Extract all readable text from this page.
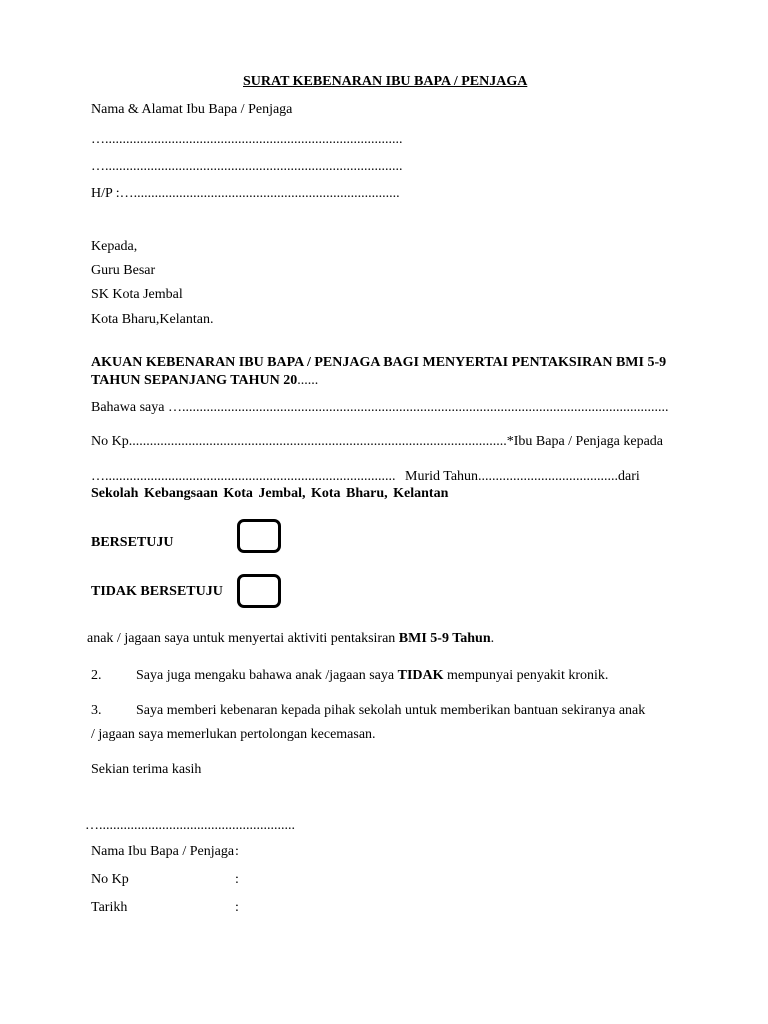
SURAT KEBENARAN IBU BAPA / PENJAGA
Nama & Alamat Ibu Bapa / Penjaga
….....................................................................................
….....................................................................................
H/P :…............................................................................
Kepada,
Guru Besar
SK Kota Jembal
Kota Bharu,Kelantan.
AKUAN KEBENARAN IBU BAPA / PENJAGA BAGI MENYERTAI PENTAKSIRAN BMI 5-9
TAHUN SEPANJANG TAHUN 20......
Bahawa saya …...........................................................................................................................................
No Kp............................................................................................................*Ibu Bapa / Penjaga kepada
…................................................................................... Murid Tahun........................................dari
Sekolah Kebangsaan Kota Jembal, Kota Bharu, Kelantan
BERSETUJU
TIDAK BERSETUJU
anak / jagaan saya untuk menyertai aktiviti pentaksiran BMI 5-9 Tahun.
2. Saya juga mengaku bahawa anak /jagaan saya TIDAK mempunyai penyakit kronik.
3. Saya memberi kebenaran kepada pihak sekolah untuk memberikan bantuan sekiranya anak
/ jagaan saya memerlukan pertolongan kecemasan.
Sekian terima kasih
…........................................................
Nama Ibu Bapa / Penjaga :
No Kp	:
Tarikh	:
